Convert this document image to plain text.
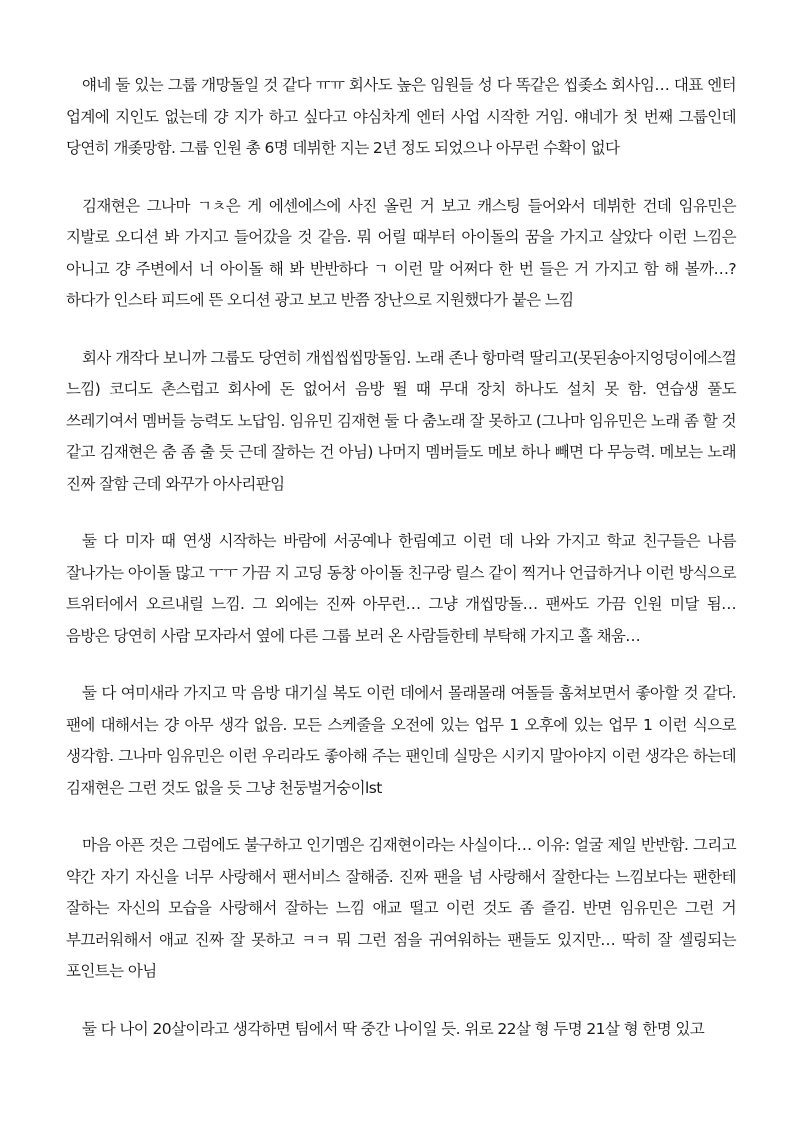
얘네 둘 있는 그룹 개망돌일 것 같다 ㅠㅠ 회사도 높은 임원들 성 다 똑같은 씹좆소 회사임… 대표 엔터 업계에 지인도 없는데 걍 지가 하고 싶다고 야심차게 엔터 사업 시작한 거임. 얘네가 첫 번째 그룹인데 당연히 개좆망함. 그룹 인원 총 6명 데뷔한 지는 2년 정도 되었으나 아무런 수확이 없다

김재현은 그나마 ㄱㅊ은 게 에센에스에 사진 올린 거 보고 캐스팅 들어와서 데뷔한 건데 임유민은 지발로 오디션 봐 가지고 들어갔을 것 같음. 뭐 어릴 때부터 아이돌의 꿈을 가지고 살았다 이런 느낌은 아니고 걍 주변에서 너 아이돌 해 봐 반반하다 ㄱ 이런 말 어쩌다 한 번 들은 거 가지고 함 해 볼까…? 하다가 인스타 피드에 뜬 오디션 광고 보고 반쯤 장난으로 지원했다가 붙은 느낌

회사 개작다 보니까 그룹도 당연히 개씹씹씹망돌임. 노래 존나 항마력 딸리고(못된송아지엉덩이에스껄 느낌) 코디도 촌스럽고 회사에 돈 없어서 음방 뛸 때 무대 장치 하나도 설치 못 함. 연습생 풀도 쓰레기여서 멤버들 능력도 노답임. 임유민 김재현 둘 다 춤노래 잘 못하고 (그나마 임유민은 노래 좀 할 것 같고 김재현은 춤 좀 출 듯 근데 잘하는 건 아님) 나머지 멤버들도 메보 하나 빼면 다 무능력. 메보는 노래 진짜 잘함 근데 와꾸가 아사리판임

둘 다 미자 때 연생 시작하는 바람에 서공예나 한림예고 이런 데 나와 가지고 학교 친구들은 나름 잘나가는 아이돌 많고 ㅜㅜ 가끔 지 고딩 동창 아이돌 친구랑 릴스 같이 찍거나 언급하거나 이런 방식으로 트위터에서 오르내릴 느낌. 그 외에는 진짜 아무런… 그냥 개씹망돌… 팬싸도 가끔 인원 미달 됨… 음방은 당연히 사람 모자라서 옆에 다른 그룹 보러 온 사람들한테 부탁해 가지고 홀 채움…

둘 다 여미새라 가지고 막 음방 대기실 복도 이런 데에서 몰래몰래 여돌들 훔쳐보면서 좋아할 것 같다. 팬에 대해서는 걍 아무 생각 없음. 모든 스케줄을 오전에 있는 업무 1 오후에 있는 업무 1 이런 식으로 생각함. 그나마 임유민은 이런 우리라도 좋아해 주는 팬인데 실망은 시키지 말아야지 이런 생각은 하는데 김재현은 그런 것도 없을 듯 그냥 천둥벌거숭이lst

마음 아픈 것은 그럼에도 불구하고 인기멤은 김재현이라는 사실이다… 이유: 얼굴 제일 반반함. 그리고 약간 자기 자신을 너무 사랑해서 팬서비스 잘해줌. 진짜 팬을 넘 사랑해서 잘한다는 느낌보다는 팬한테 잘하는 자신의 모습을 사랑해서 잘하는 느낌 애교 떨고 이런 것도 좀 즐김. 반면 임유민은 그런 거 부끄러워해서 애교 진짜 잘 못하고 ㅋㅋ 뭐 그런 점을 귀여워하는 팬들도 있지만… 딱히 잘 셀링되는 포인트는 아님

둘 다 나이 20살이라고 생각하면 팀에서 딱 중간 나이일 듯. 위로 22살 형 두명 21살 형 한명 있고
